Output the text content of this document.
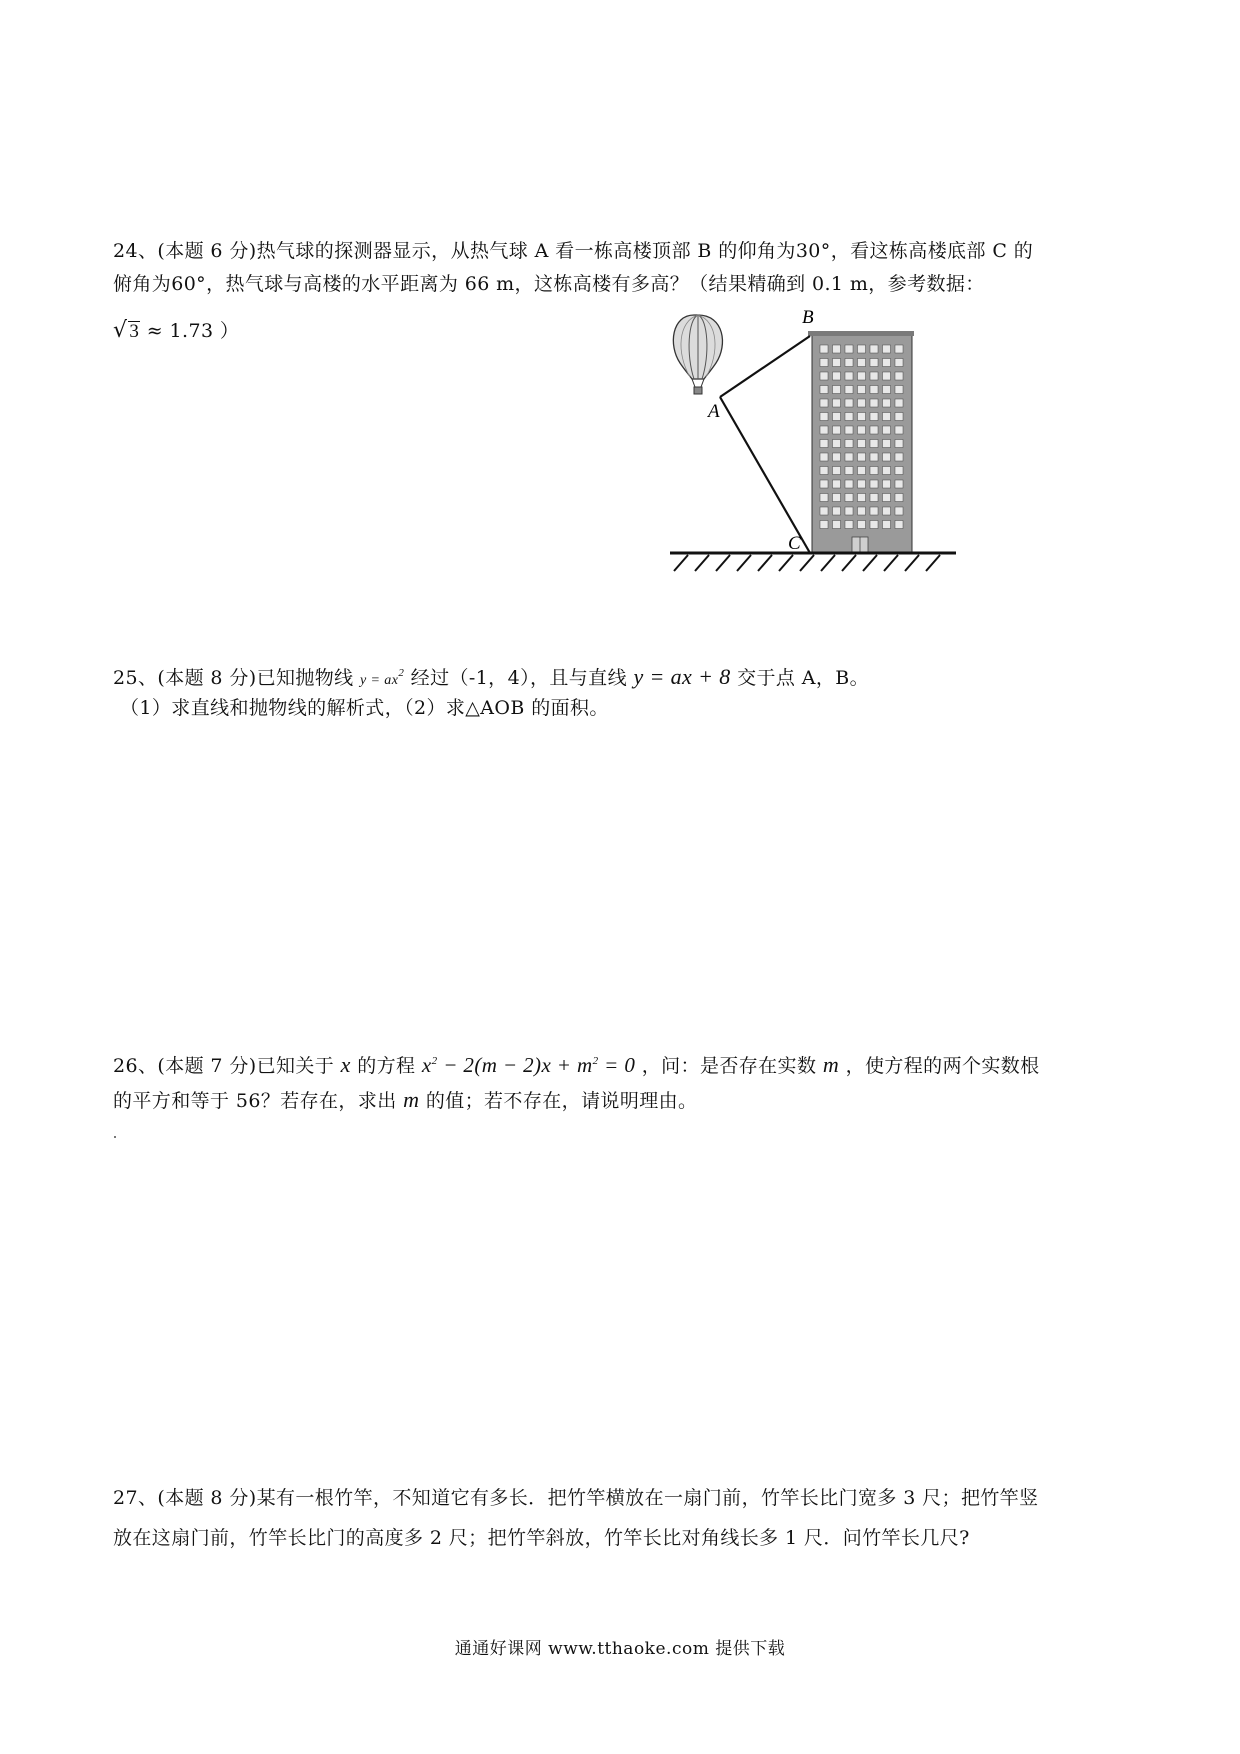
24、(本题 6 分)热气球的探测器显示，从热气球 A 看一栋高楼顶部 B 的仰角为30°，看这栋高楼底部 C 的
俯角为60°，热气球与高楼的水平距离为 66 m，这栋高楼有多高？（结果精确到 0.1 m，参考数据：
√ 3 ≈ 1.73 ）
A
B
C
25、(本题 8 分)已知抛物线 $y = ax^2$ 经过（-1，4），且与直线 y = ax + 8 交于点 A，B。
（1）求直线和抛物线的解析式，（2）求△AOB 的面积。
26、(本题 7 分)已知关于 x 的方程 $x^2 - 2(m - 2)x + m^2 = 0$ ，问：是否存在实数 m ，使方程的两个实数根
的平方和等于 56？若存在，求出 m 的值；若不存在，请说明理由。
27、(本题 8 分)某有一根竹竿，不知道它有多长．把竹竿横放在一扇门前，竹竿长比门宽多 3 尺；把竹竿竖
放在这扇门前，竹竿长比门的高度多 2 尺；把竹竿斜放，竹竿长比对角线长多 1 尺．问竹竿长几尺?
通通好课网 www.tthaoke.com 提供下载
